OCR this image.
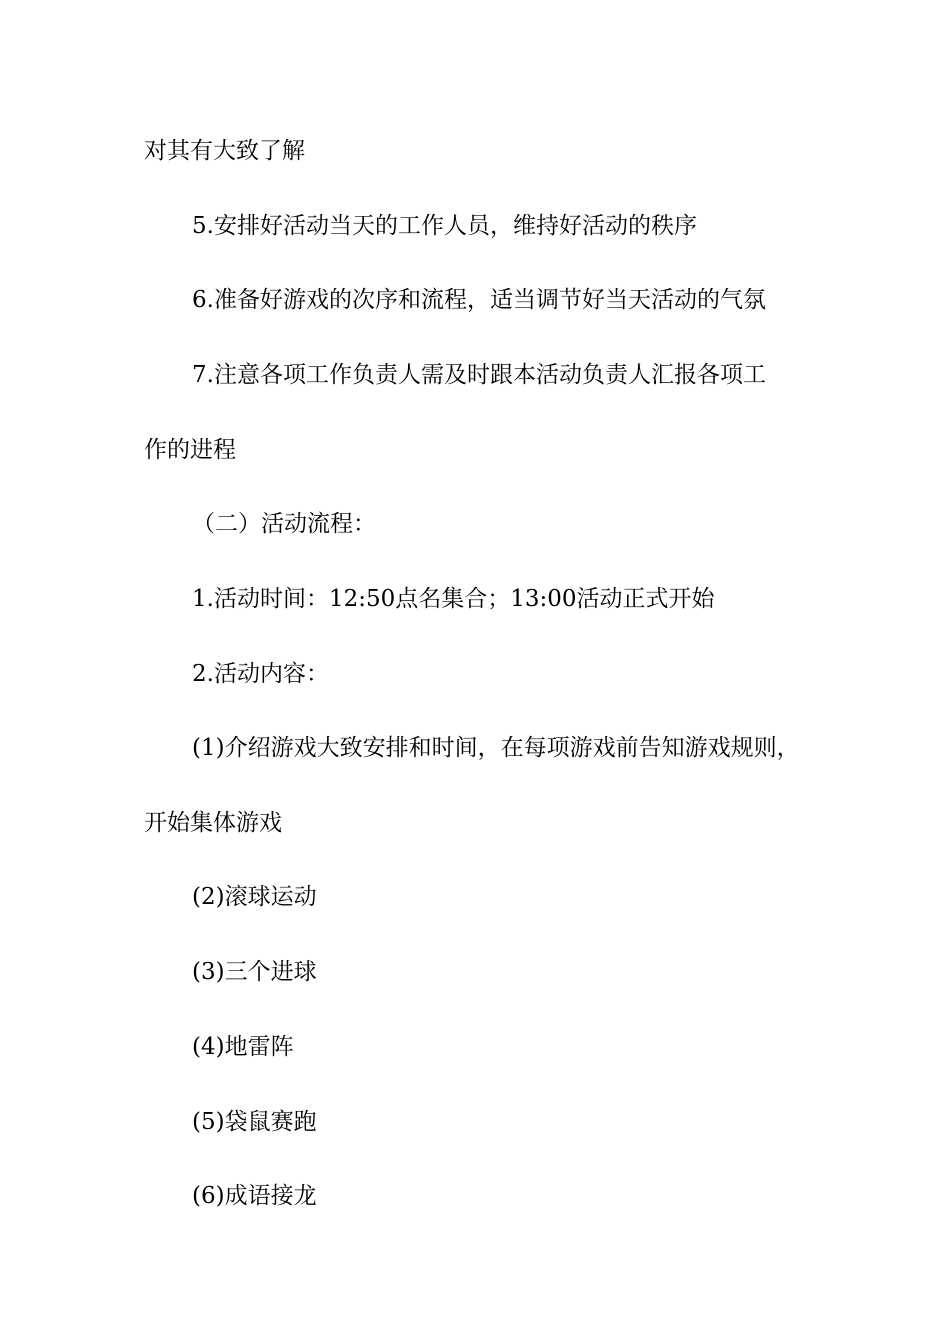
对其有大致了解
5.安排好活动当天的工作人员，维持好活动的秩序
6.准备好游戏的次序和流程，适当调节好当天活动的气氛
7.注意各项工作负责人需及时跟本活动负责人汇报各项工
作的进程
（二）活动流程：
1.活动时间：12:50点名集合；13:00活动正式开始
2.活动内容：
(1)介绍游戏大致安排和时间，在每项游戏前告知游戏规则，
开始集体游戏
(2)滚球运动
(3)三个进球
(4)地雷阵
(5)袋鼠赛跑
(6)成语接龙
